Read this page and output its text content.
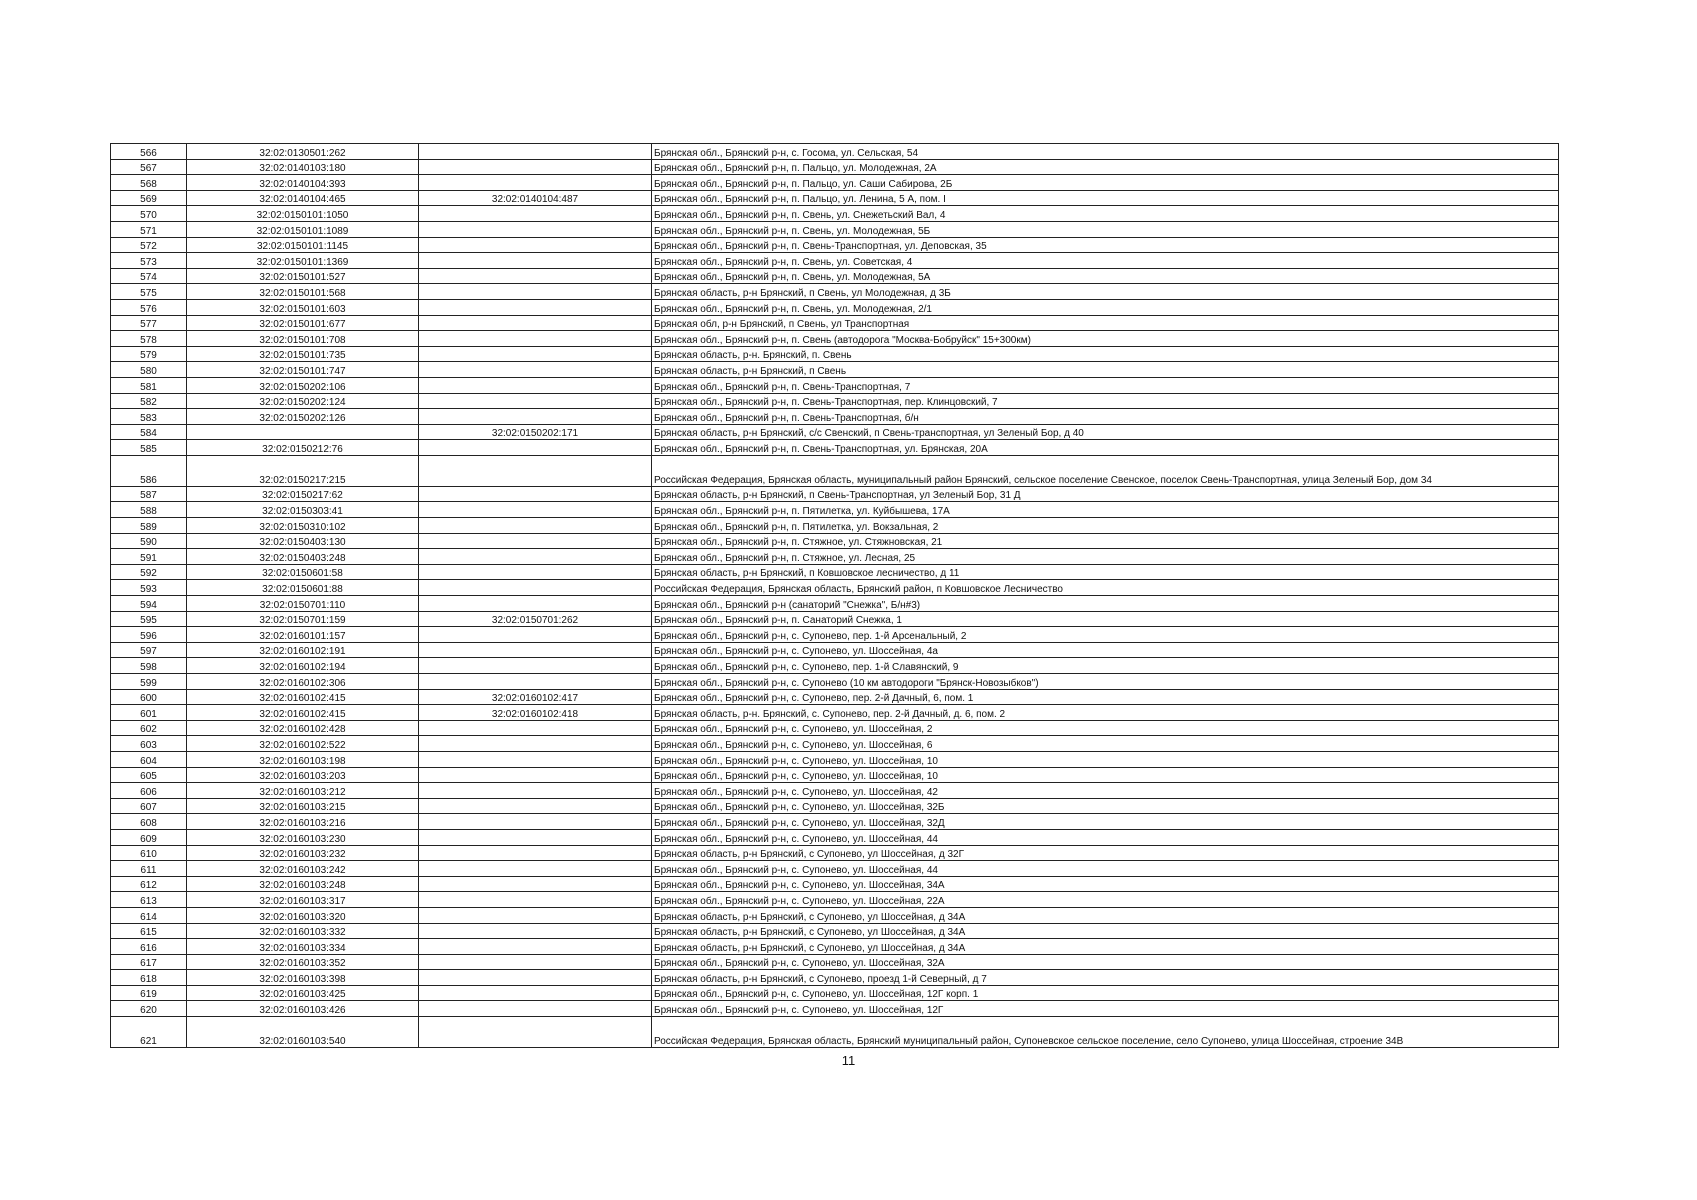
566	32:02:0130501:262		Брянская обл., Брянский р-н, с. Госома, ул. Сельская, 54
567	32:02:0140103:180		Брянская обл., Брянский р-н, п. Пальцо, ул. Молодежная, 2А
568	32:02:0140104:393		Брянская обл., Брянский р-н, п. Пальцо, ул. Саши Сабирова, 2Б
569	32:02:0140104:465	32:02:0140104:487	Брянская обл., Брянский р-н, п. Пальцо, ул. Ленина, 5 А, пом. I
570	32:02:0150101:1050		Брянская обл., Брянский р-н, п. Свень, ул. Снежетьский Вал, 4
571	32:02:0150101:1089		Брянская обл., Брянский р-н, п. Свень, ул. Молодежная, 5Б
572	32:02:0150101:1145		Брянская обл., Брянский р-н, п. Свень-Транспортная, ул. Деповская, 35
573	32:02:0150101:1369		Брянская обл., Брянский р-н, п. Свень, ул. Советская, 4
574	32:02:0150101:527		Брянская обл., Брянский р-н, п. Свень, ул. Молодежная, 5А
575	32:02:0150101:568		Брянская область, р-н Брянский, п Свень, ул Молодежная, д 3Б
576	32:02:0150101:603		Брянская обл., Брянский р-н, п. Свень, ул. Молодежная, 2/1
577	32:02:0150101:677		Брянская обл, р-н Брянский, п Свень, ул Транспортная
578	32:02:0150101:708		Брянская обл., Брянский р-н, п. Свень (автодорога "Москва-Бобруйск" 15+300км)
579	32:02:0150101:735		Брянская область, р-н. Брянский, п. Свень
580	32:02:0150101:747		Брянская область, р-н Брянский, п Свень
581	32:02:0150202:106		Брянская обл., Брянский р-н, п. Свень-Транспортная, 7
582	32:02:0150202:124		Брянская обл., Брянский р-н, п. Свень-Транспортная, пер. Клинцовский, 7
583	32:02:0150202:126		Брянская обл., Брянский р-н, п. Свень-Транспортная, б/н
584		32:02:0150202:171	Брянская область, р-н Брянский, с/с Свенский, п Свень-транспортная, ул Зеленый Бор, д 40
585	32:02:0150212:76		Брянская обл., Брянский р-н, п. Свень-Транспортная, ул. Брянская, 20А
586	32:02:0150217:215		Российская Федерация, Брянская область, муниципальный район Брянский, сельское поселение Свенское, поселок Свень-Транспортная, улица Зеленый Бор, дом 34
587	32:02:0150217:62		Брянская область, р-н Брянский, п Свень-Транспортная, ул Зеленый Бор, 31 Д
588	32:02:0150303:41		Брянская обл., Брянский р-н, п. Пятилетка, ул. Куйбышева, 17А
589	32:02:0150310:102		Брянская обл., Брянский р-н, п. Пятилетка, ул. Вокзальная, 2
590	32:02:0150403:130		Брянская обл., Брянский р-н, п. Стяжное, ул. Стяжновская, 21
591	32:02:0150403:248		Брянская обл., Брянский р-н, п. Стяжное, ул. Лесная, 25
592	32:02:0150601:58		Брянская область, р-н Брянский, п Ковшовское лесничество, д 11
593	32:02:0150601:88		Российская Федерация, Брянская область, Брянский район, п Ковшовское Лесничество
594	32:02:0150701:110		Брянская обл., Брянский р-н (санаторий "Снежка", Б/н#3)
595	32:02:0150701:159	32:02:0150701:262	Брянская обл., Брянский р-н, п. Санаторий Снежка, 1
596	32:02:0160101:157		Брянская обл., Брянский р-н, с. Супонево, пер. 1-й Арсенальный, 2
597	32:02:0160102:191		Брянская обл., Брянский р-н, с. Супонево, ул. Шоссейная, 4а
598	32:02:0160102:194		Брянская обл., Брянский р-н, с. Супонево, пер. 1-й Славянский, 9
599	32:02:0160102:306		Брянская обл., Брянский р-н, с. Супонево (10 км автодороги "Брянск-Новозыбков")
600	32:02:0160102:415	32:02:0160102:417	Брянская обл., Брянский р-н, с. Супонево, пер. 2-й Дачный, 6, пом. 1
601	32:02:0160102:415	32:02:0160102:418	Брянская область, р-н. Брянский, с. Супонево, пер. 2-й Дачный, д. 6, пом. 2
602	32:02:0160102:428		Брянская обл., Брянский р-н, с. Супонево, ул. Шоссейная, 2
603	32:02:0160102:522		Брянская обл., Брянский р-н, с. Супонево, ул. Шоссейная, 6
604	32:02:0160103:198		Брянская обл., Брянский р-н, с. Супонево, ул. Шоссейная, 10
605	32:02:0160103:203		Брянская обл., Брянский р-н, с. Супонево, ул. Шоссейная, 10
606	32:02:0160103:212		Брянская обл., Брянский р-н, с. Супонево, ул. Шоссейная, 42
607	32:02:0160103:215		Брянская обл., Брянский р-н, с. Супонево, ул. Шоссейная, 32Б
608	32:02:0160103:216		Брянская обл., Брянский р-н, с. Супонево, ул. Шоссейная, 32Д
609	32:02:0160103:230		Брянская обл., Брянский р-н, с. Супонево, ул. Шоссейная, 44
610	32:02:0160103:232		Брянская область, р-н Брянский, с Супонево, ул Шоссейная, д 32Г
611	32:02:0160103:242		Брянская обл., Брянский р-н, с. Супонево, ул. Шоссейная, 44
612	32:02:0160103:248		Брянская обл., Брянский р-н, с. Супонево, ул. Шоссейная, 34А
613	32:02:0160103:317		Брянская обл., Брянский р-н, с. Супонево, ул. Шоссейная, 22А
614	32:02:0160103:320		Брянская область, р-н Брянский, с Супонево, ул Шоссейная, д 34А
615	32:02:0160103:332		Брянская область, р-н Брянский, с Супонево, ул Шоссейная, д 34А
616	32:02:0160103:334		Брянская область, р-н Брянский, с Супонево, ул Шоссейная, д 34А
617	32:02:0160103:352		Брянская обл., Брянский р-н, с. Супонево, ул. Шоссейная, 32А
618	32:02:0160103:398		Брянская область, р-н Брянский, с Супонево, проезд 1-й Северный, д 7
619	32:02:0160103:425		Брянская обл., Брянский р-н, с. Супонево, ул. Шоссейная, 12Г корп. 1
620	32:02:0160103:426		Брянская обл., Брянский р-н, с. Супонево, ул. Шоссейная, 12Г
621	32:02:0160103:540		Российская Федерация, Брянская область, Брянский муниципальный район, Супоневское сельское поселение, село Супонево, улица Шоссейная, строение 34В
11
